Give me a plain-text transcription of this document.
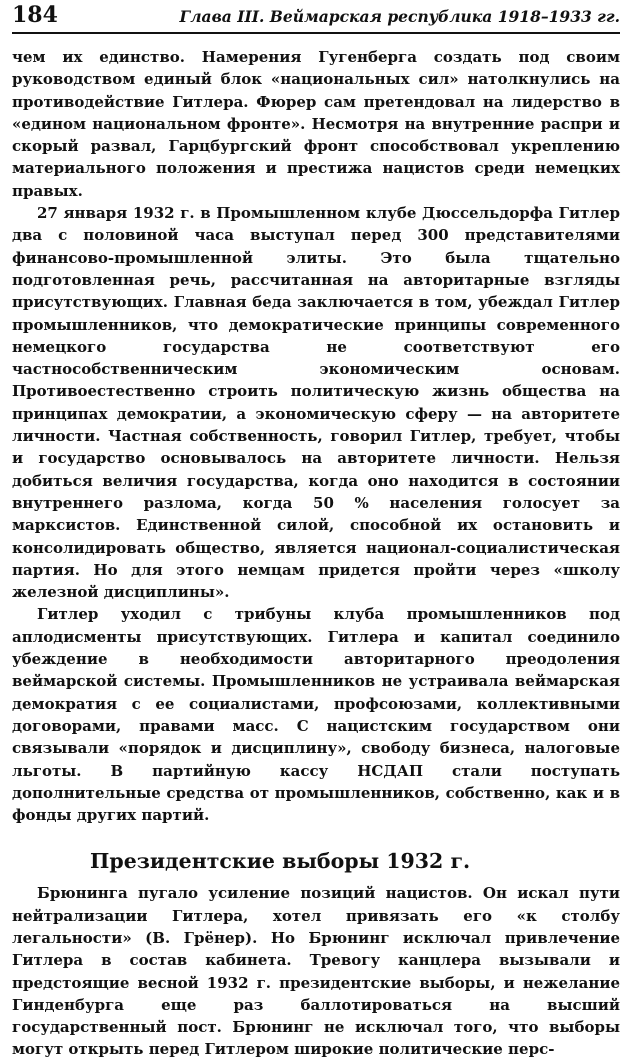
184	Глава III. Веймарская республика 1918–1933 гг.

чем их единство. Намерения Гугенберга создать под своим руководством единый блок «национальных сил» натолкнулись на противодействие Гитлера. Фюрер сам претендовал на лидерство в «едином национальном фронте». Несмотря на внутренние распри и скорый развал, Гарцбургский фронт способствовал укреплению материального положения и престижа нацистов среди немецких правых.

27 января 1932 г. в Промышленном клубе Дюссельдорфа Гитлер два с половиной часа выступал перед 300 представителями финансово-промышленной элиты. Это была тщательно подготовленная речь, рассчитанная на авторитарные взгляды присутствующих. Главная беда заключается в том, убеждал Гитлер промышленников, что демократические принципы современного немецкого государства не соответствуют его частнособственническим экономическим основам. Противоестественно строить политическую жизнь общества на принципах демократии, а экономическую сферу — на авторитете личности. Частная собственность, говорил Гитлер, требует, чтобы и государство основывалось на авторитете личности. Нельзя добиться величия государства, когда оно находится в состоянии внутреннего разлома, когда 50 % населения голосует за марксистов. Единственной силой, способной их остановить и консолидировать общество, является национал-социалистическая партия. Но для этого немцам придется пройти через «школу железной дисциплины».

Гитлер уходил с трибуны клуба промышленников под аплодисменты присутствующих. Гитлера и капитал соединило убеждение в необходимости авторитарного преодоления веймарской системы. Промышленников не устраивала веймарская демократия с ее социалистами, профсоюзами, коллективными договорами, правами масс. С нацистским государством они связывали «порядок и дисциплину», свободу бизнеса, налоговые льготы. В партийную кассу НСДАП стали поступать дополнительные средства от промышленников, собственно, как и в фонды других партий.

Президентские выборы 1932 г.

Брюнинга пугало усиление позиций нацистов. Он искал пути нейтрализации Гитлера, хотел привязать его «к столбу легальности» (В. Грёнер). Но Брюнинг исключал привлечение Гитлера в состав кабинета. Тревогу канцлера вызывали и предстоящие весной 1932 г. президентские выборы, и нежелание Гинденбурга еще раз баллотироваться на высший государственный пост. Брюнинг не исключал того, что выборы могут открыть перед Гитлером широкие политические перс-
